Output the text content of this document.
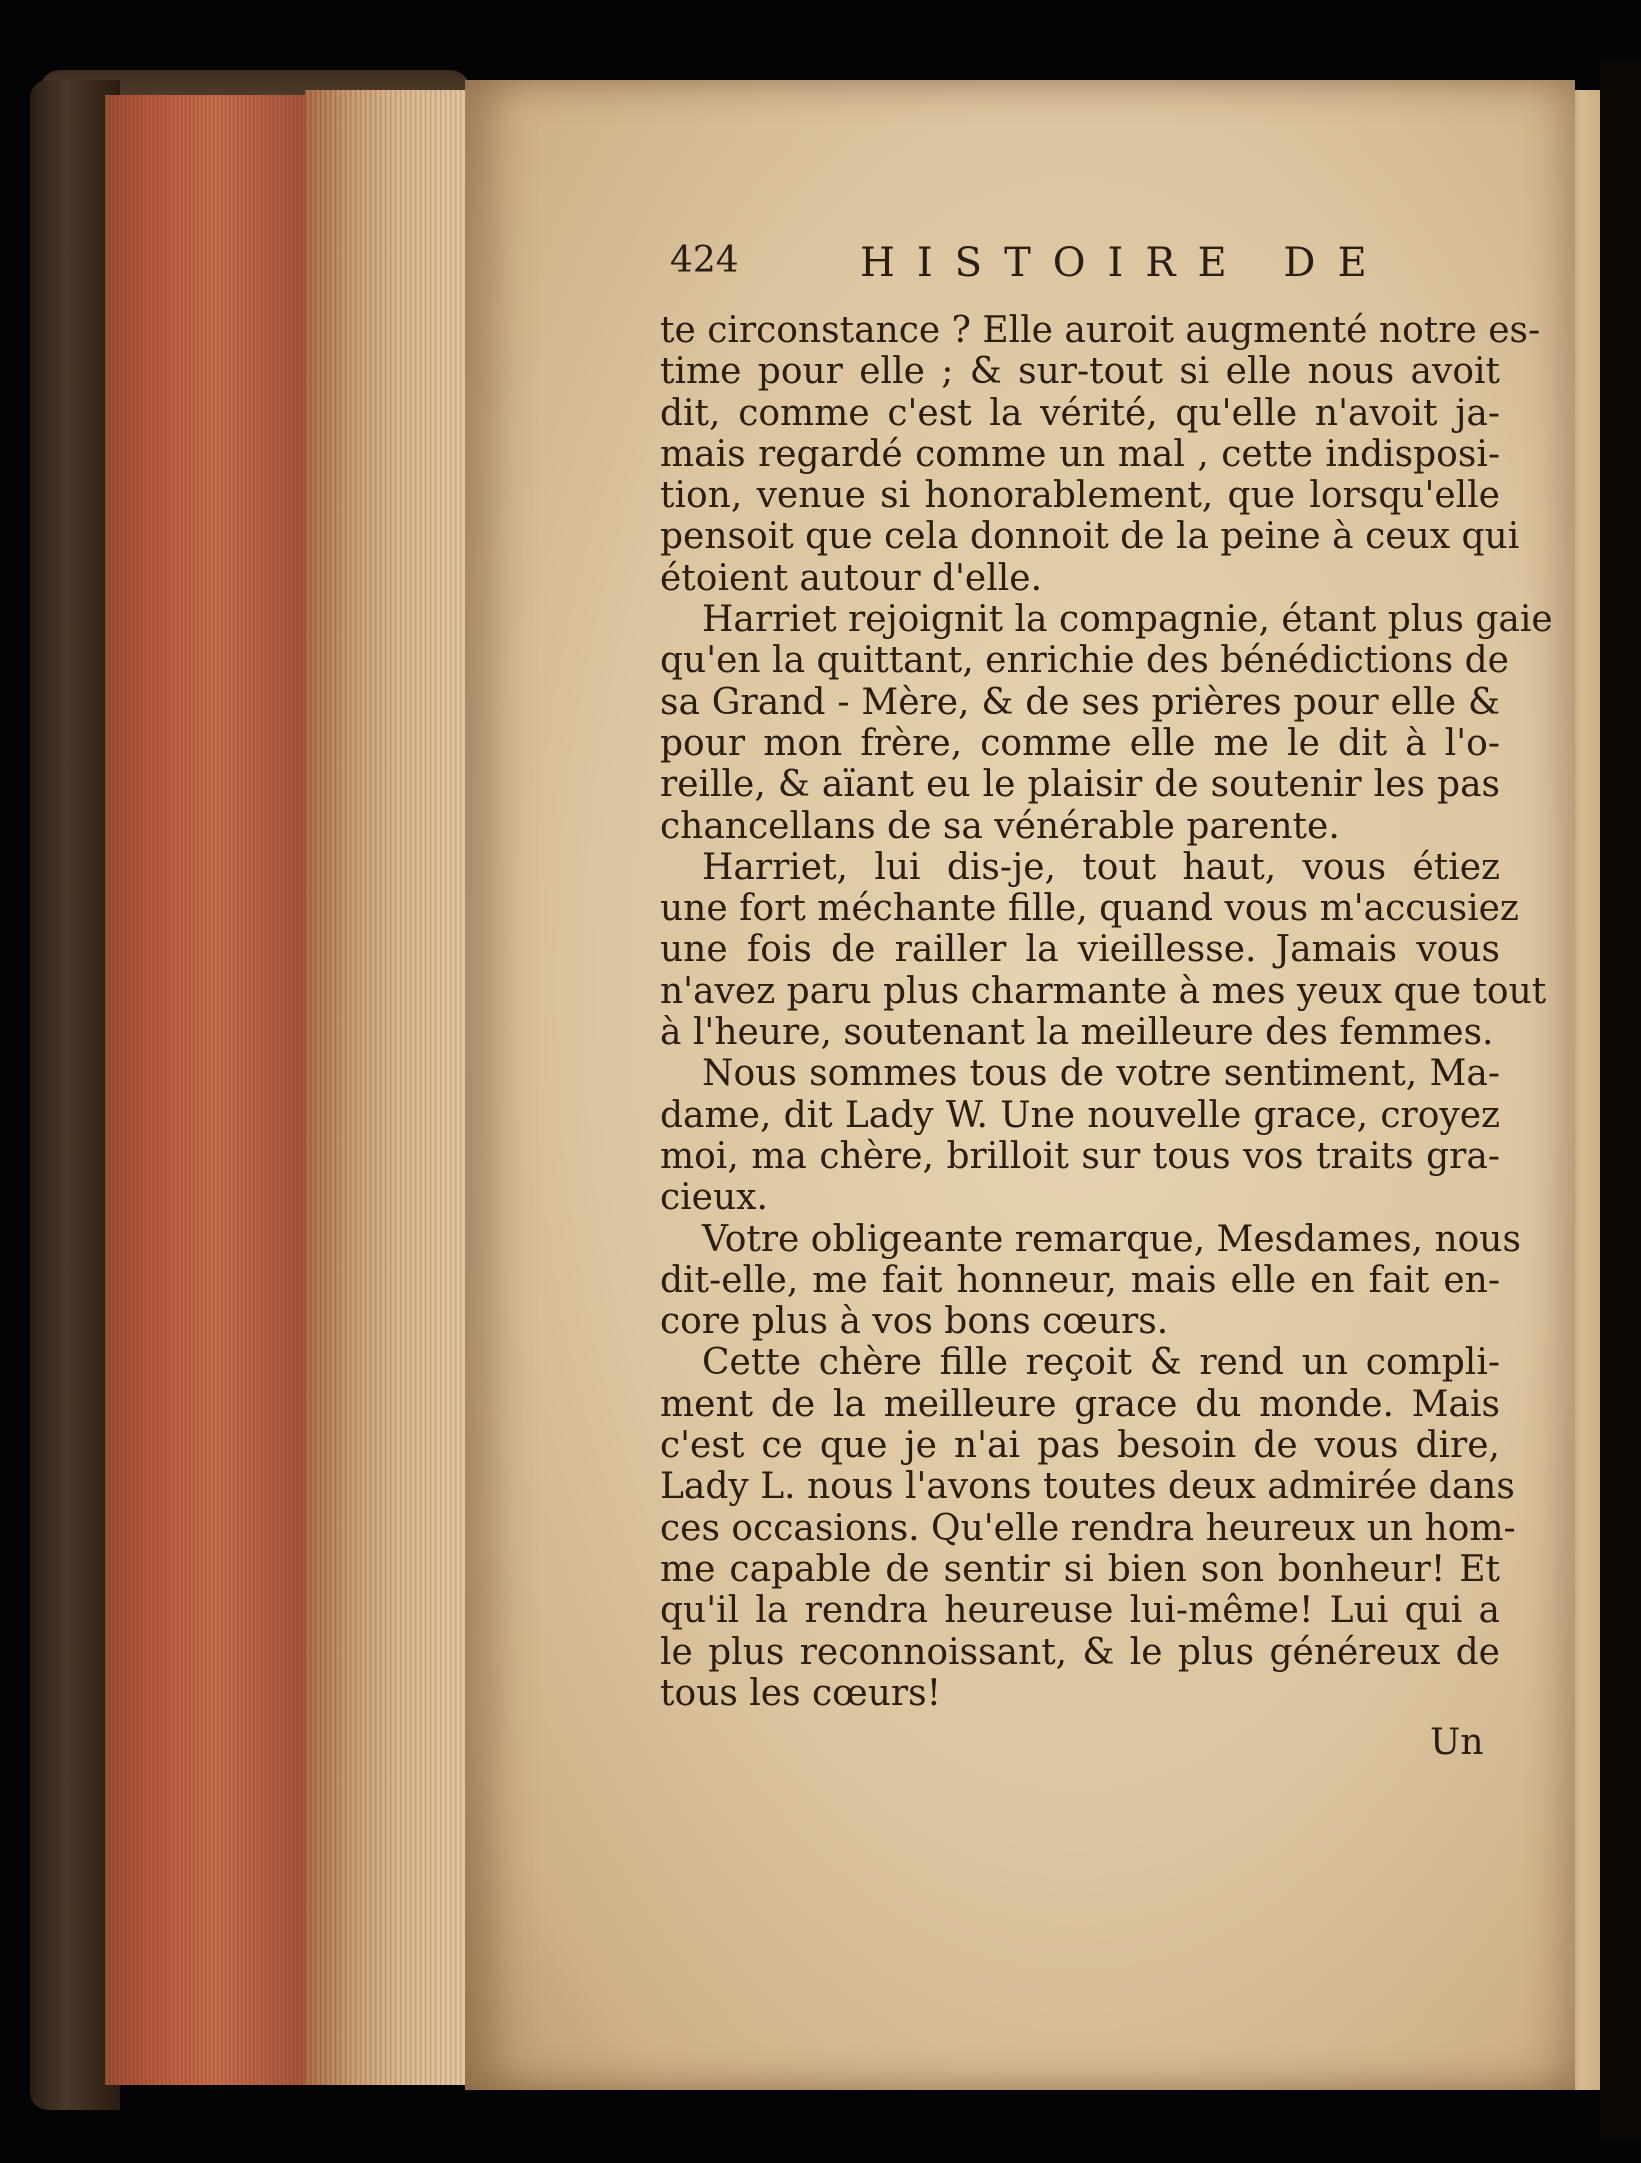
424	HISTOIRE DE
te circonstance ? Elle auroit augmenté notre es-
time pour elle ; & sur-tout si elle nous avoit
dit, comme c'est la vérité, qu'elle n'avoit ja-
mais regardé comme un mal , cette indisposi-
tion, venue si honorablement, que lorsqu'elle
pensoit que cela donnoit de la peine à ceux qui
étoient autour d'elle.
Harriet rejoignit la compagnie, étant plus gaie
qu'en la quittant, enrichie des bénédictions de
sa Grand - Mère, & de ses prières pour elle &
pour mon frère, comme elle me le dit à l'o-
reille, & aïant eu le plaisir de soutenir les pas
chancellans de sa vénérable parente.
Harriet, lui dis-je, tout haut, vous étiez
une fort méchante fille, quand vous m'accusiez
une fois de railler la vieillesse. Jamais vous
n'avez paru plus charmante à mes yeux que tout
à l'heure, soutenant la meilleure des femmes.
Nous sommes tous de votre sentiment, Ma-
dame, dit Lady W. Une nouvelle grace, croyez
moi, ma chère, brilloit sur tous vos traits gra-
cieux.
Votre obligeante remarque, Mesdames, nous
dit-elle, me fait honneur, mais elle en fait en-
core plus à vos bons cœurs.
Cette chère fille reçoit & rend un compli-
ment de la meilleure grace du monde. Mais
c'est ce que je n'ai pas besoin de vous dire,
Lady L. nous l'avons toutes deux admirée dans
ces occasions. Qu'elle rendra heureux un hom-
me capable de sentir si bien son bonheur! Et
qu'il la rendra heureuse lui-même! Lui qui a
le plus reconnoissant, & le plus généreux de
tous les cœurs!
Un
